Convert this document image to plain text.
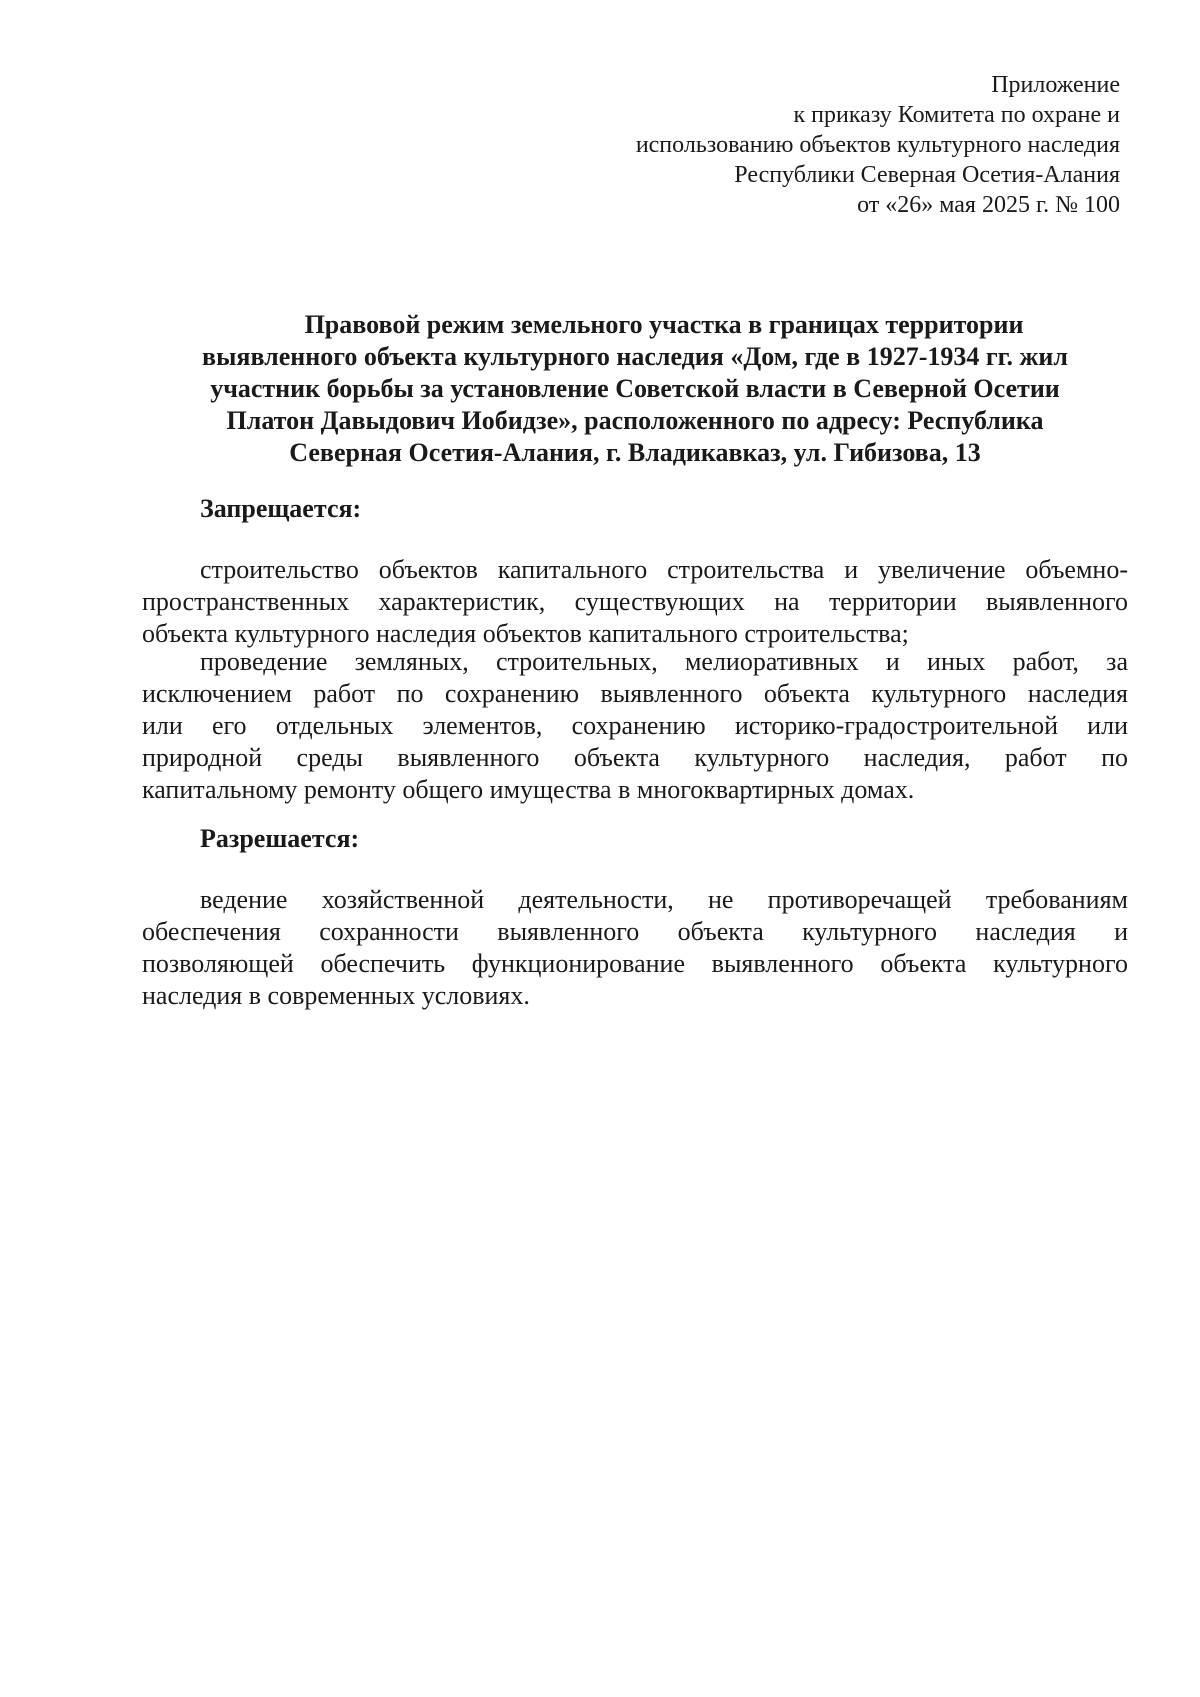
Приложение
к приказу Комитета по охране и
использованию объектов культурного наследия
Республики Северная Осетия-Алания
от «26» мая 2025 г. № 100
Правовой режим земельного участка в границах территории
выявленного объекта культурного наследия «Дом, где в 1927-1934 гг. жил
участник борьбы за установление Советской власти в Северной Осетии
Платон Давыдович Иобидзе», расположенного по адресу: Республика
Северная Осетия-Алания, г. Владикавказ, ул. Гибизова, 13
Запрещается:
строительство объектов капитального строительства и увеличение объемно-
пространственных характеристик, существующих на территории выявленного
объекта культурного наследия объектов капитального строительства;
проведение земляных, строительных, мелиоративных и иных работ, за
исключением работ по сохранению выявленного объекта культурного наследия
или его отдельных элементов, сохранению историко-градостроительной или
природной среды выявленного объекта культурного наследия, работ по
капитальному ремонту общего имущества в многоквартирных домах.
Разрешается:
ведение хозяйственной деятельности, не противоречащей требованиям
обеспечения сохранности выявленного объекта культурного наследия и
позволяющей обеспечить функционирование выявленного объекта культурного
наследия в современных условиях.
